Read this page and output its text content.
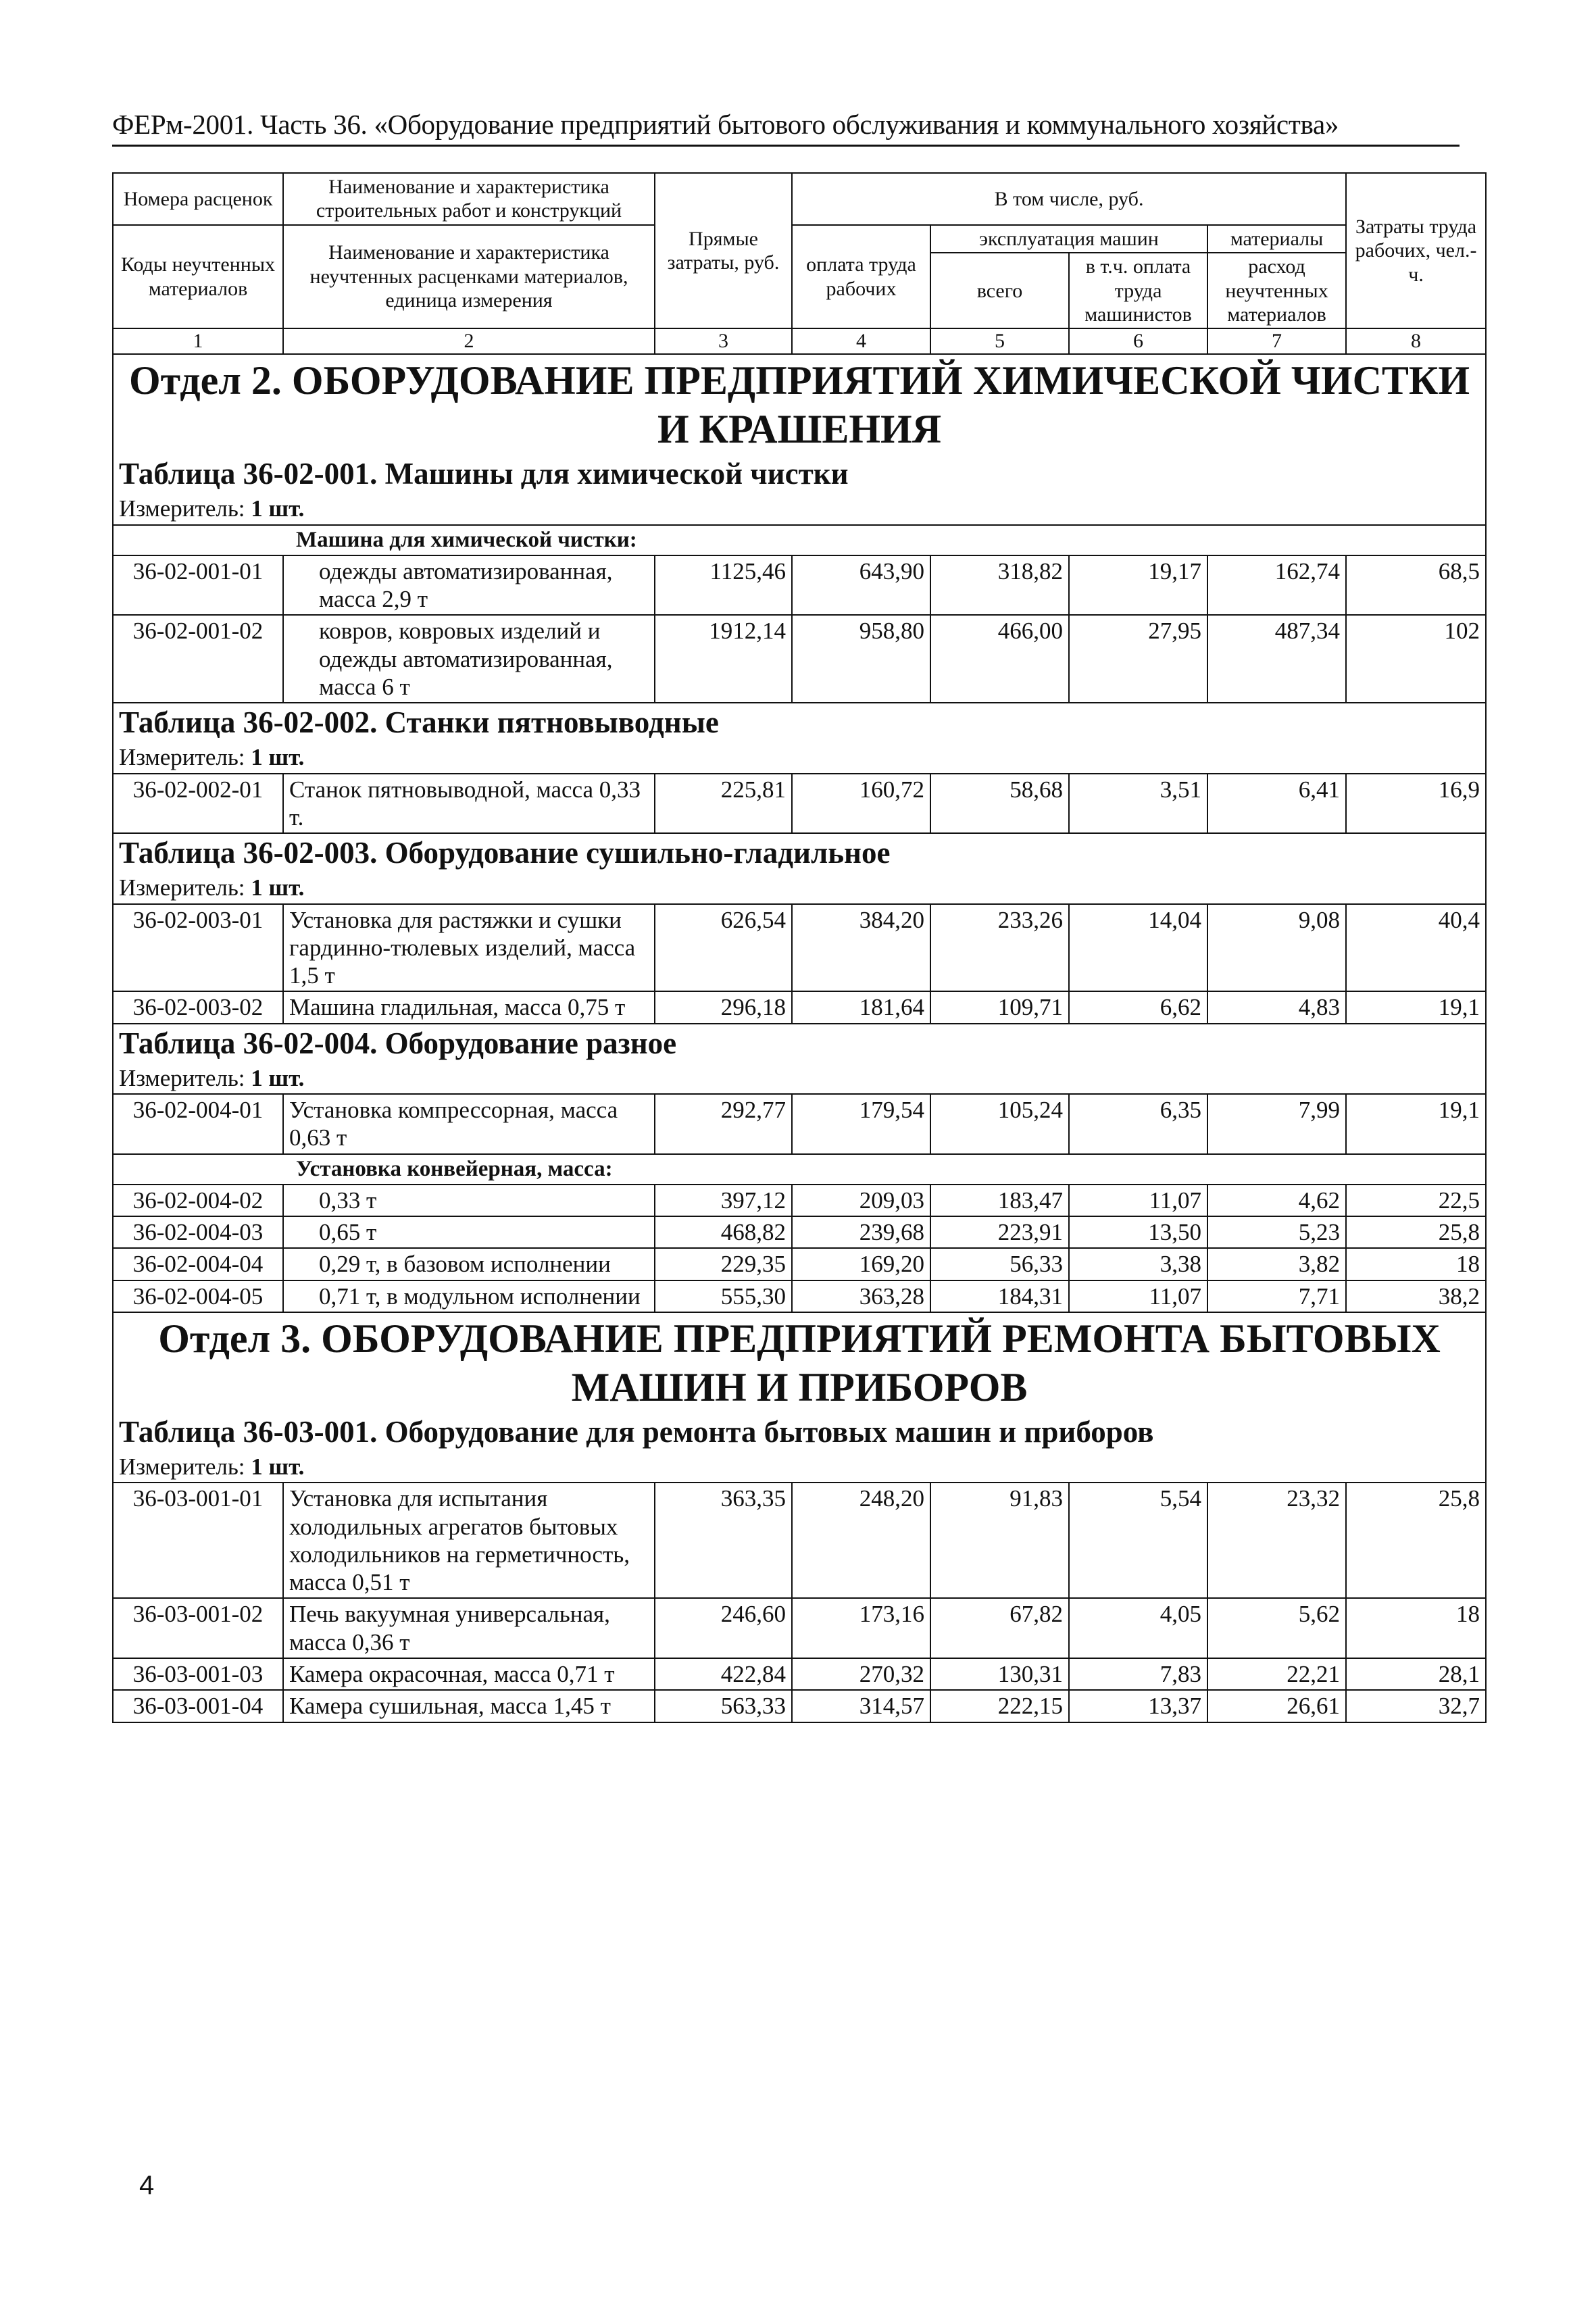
ФЕРм-2001. Часть 36. «Оборудование предприятий бытового обслуживания и коммунального хозяйства»
Номера расценок	Наименование и характеристика строительных работ и конструкций	Прямые затраты, руб.	В том числе, руб.				Затраты труда рабочих, чел.-ч.
Коды неучтенных материалов	Наименование и характеристика неучтенных расценками материалов, единица измерения		оплата труда рабочих	эксплуатация машин		материалы	
				всего	в т.ч. оплата труда машинистов	расход неучтенных материалов	
1	2	3	4	5	6	7	8
Отдел 2. ОБОРУДОВАНИЕ ПРЕДПРИЯТИЙ ХИМИЧЕСКОЙ ЧИСТКИ И КРАШЕНИЯ							
Таблица 36-02-001. Машины для химической чистки							
Измеритель: 1 шт.							
Машина для химической чистки:							
36-02-001-01	одежды автоматизированная, масса 2,9 т	1125,46	643,90	318,82	19,17	162,74	68,5
36-02-001-02	ковров, ковровых изделий и одежды автоматизированная, масса 6 т	1912,14	958,80	466,00	27,95	487,34	102
Таблица 36-02-002. Станки пятновыводные							
Измеритель: 1 шт.							
36-02-002-01	Станок пятновыводной, масса 0,33 т.	225,81	160,72	58,68	3,51	6,41	16,9
Таблица 36-02-003. Оборудование сушильно-гладильное							
Измеритель: 1 шт.							
36-02-003-01	Установка для растяжки и сушки гардинно-тюлевых изделий, масса 1,5 т	626,54	384,20	233,26	14,04	9,08	40,4
36-02-003-02	Машина гладильная, масса 0,75 т	296,18	181,64	109,71	6,62	4,83	19,1
Таблица 36-02-004. Оборудование разное							
Измеритель: 1 шт.							
36-02-004-01	Установка компрессорная, масса 0,63 т	292,77	179,54	105,24	6,35	7,99	19,1
Установка конвейерная, масса:							
36-02-004-02	0,33 т	397,12	209,03	183,47	11,07	4,62	22,5
36-02-004-03	0,65 т	468,82	239,68	223,91	13,50	5,23	25,8
36-02-004-04	0,29 т, в базовом исполнении	229,35	169,20	56,33	3,38	3,82	18
36-02-004-05	0,71 т, в модульном исполнении	555,30	363,28	184,31	11,07	7,71	38,2
Отдел 3. ОБОРУДОВАНИЕ ПРЕДПРИЯТИЙ РЕМОНТА БЫТОВЫХ МАШИН И ПРИБОРОВ							
Таблица 36-03-001. Оборудование для ремонта бытовых машин и приборов							
Измеритель: 1 шт.							
36-03-001-01	Установка для испытания холодильных агрегатов бытовых холодильников на герметичность, масса 0,51 т	363,35	248,20	91,83	5,54	23,32	25,8
36-03-001-02	Печь вакуумная универсальная, масса 0,36 т	246,60	173,16	67,82	4,05	5,62	18
36-03-001-03	Камера окрасочная, масса 0,71 т	422,84	270,32	130,31	7,83	22,21	28,1
36-03-001-04	Камера сушильная, масса 1,45 т	563,33	314,57	222,15	13,37	26,61	32,7
4
